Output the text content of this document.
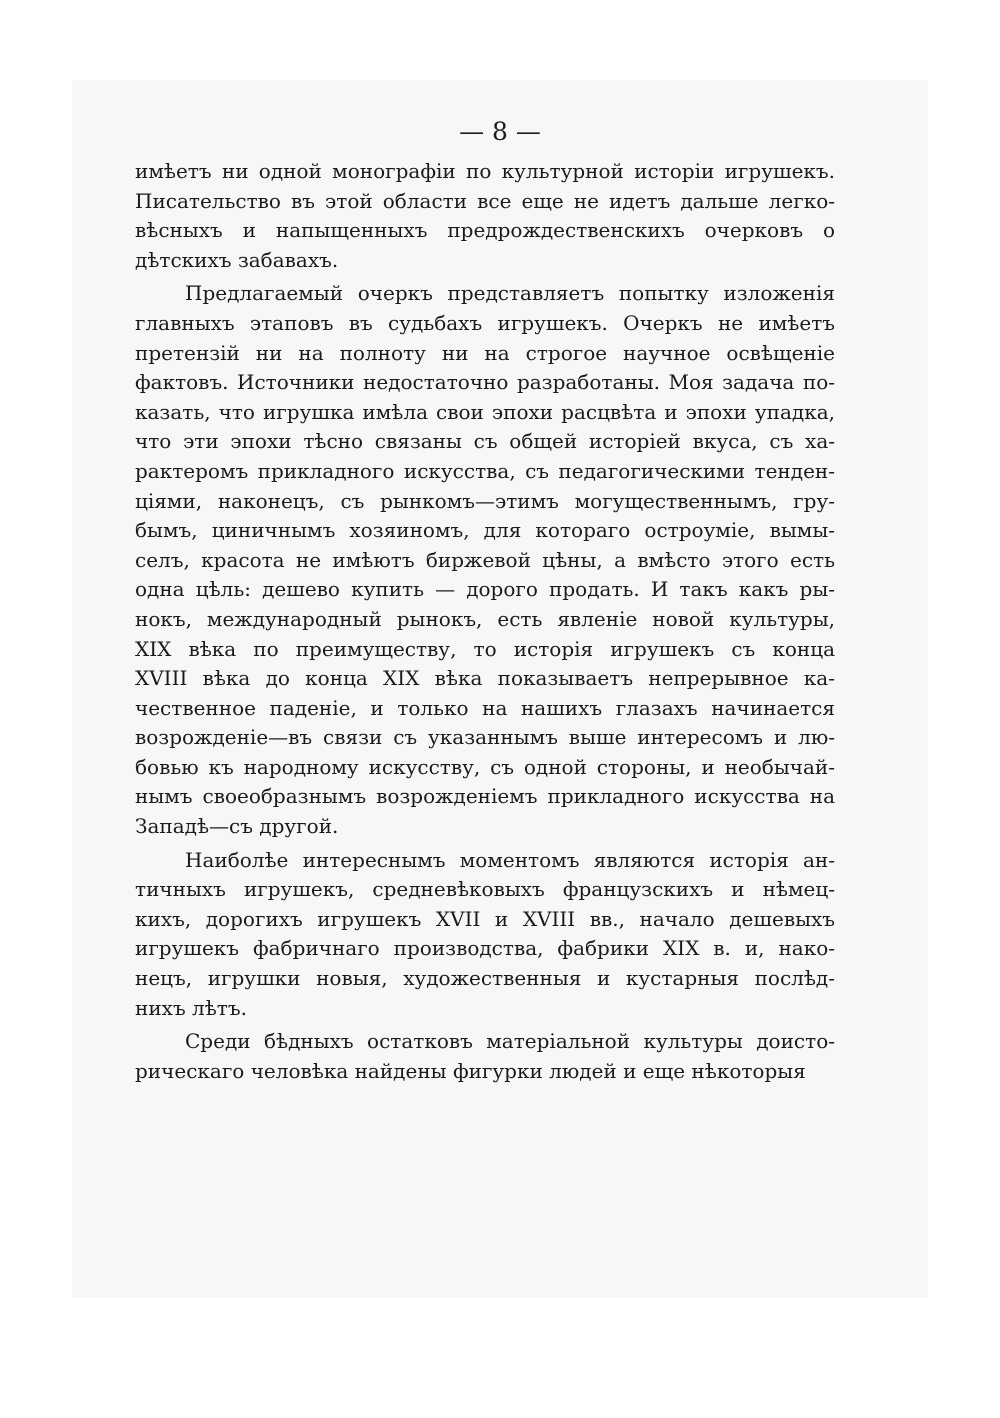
— 8 —

имѣетъ ни одной монографіи по культурной исторіи игрушекъ.
Писательство въ этой области все еще не идетъ дальше легко-
вѣсныхъ и напыщенныхъ предрождественскихъ очерковъ о
дѣтскихъ забавахъ.
Предлагаемый очеркъ представляетъ попытку изложенія
главныхъ этаповъ въ судьбахъ игрушекъ. Очеркъ не имѣетъ
претензій ни на полноту ни на строгое научное освѣщеніе
фактовъ. Источники недостаточно разработаны. Моя задача по-
казать, что игрушка имѣла свои эпохи расцвѣта и эпохи упадка,
что эти эпохи тѣсно связаны съ общей исторіей вкуса, съ ха-
рактеромъ прикладного искусства, съ педагогическими тенден-
ціями, наконецъ, съ рынкомъ—этимъ могущественнымъ, гру-
бымъ, циничнымъ хозяиномъ, для котораго остроуміе, вымы-
селъ, красота не имѣютъ биржевой цѣны, а вмѣсто этого есть
одна цѣль: дешево купить — дорого продать. И такъ какъ ры-
нокъ, международный рынокъ, есть явленіе новой культуры,
XIX вѣка по преимуществу, то исторія игрушекъ съ конца
XVIII вѣка до конца XIX вѣка показываетъ непрерывное ка-
чественное паденіе, и только на нашихъ глазахъ начинается
возрожденіе—въ связи съ указаннымъ выше интересомъ и лю-
бовью къ народному искусству, съ одной стороны, и необычай-
нымъ своеобразнымъ возрожденіемъ прикладного искусства на
Западѣ—съ другой.
Наиболѣе интереснымъ моментомъ являются исторія ан-
тичныхъ игрушекъ, средневѣковыхъ французскихъ и нѣмец-
кихъ, дорогихъ игрушекъ XVII и XVIII вв., начало дешевыхъ
игрушекъ фабричнаго производства, фабрики XIX в. и, нако-
нецъ, игрушки новыя, художественныя и кустарныя послѣд-
нихъ лѣтъ.
Среди бѣдныхъ остатковъ матеріальной культуры доисто-
рическаго человѣка найдены фигурки людей и еще нѣкоторыя
